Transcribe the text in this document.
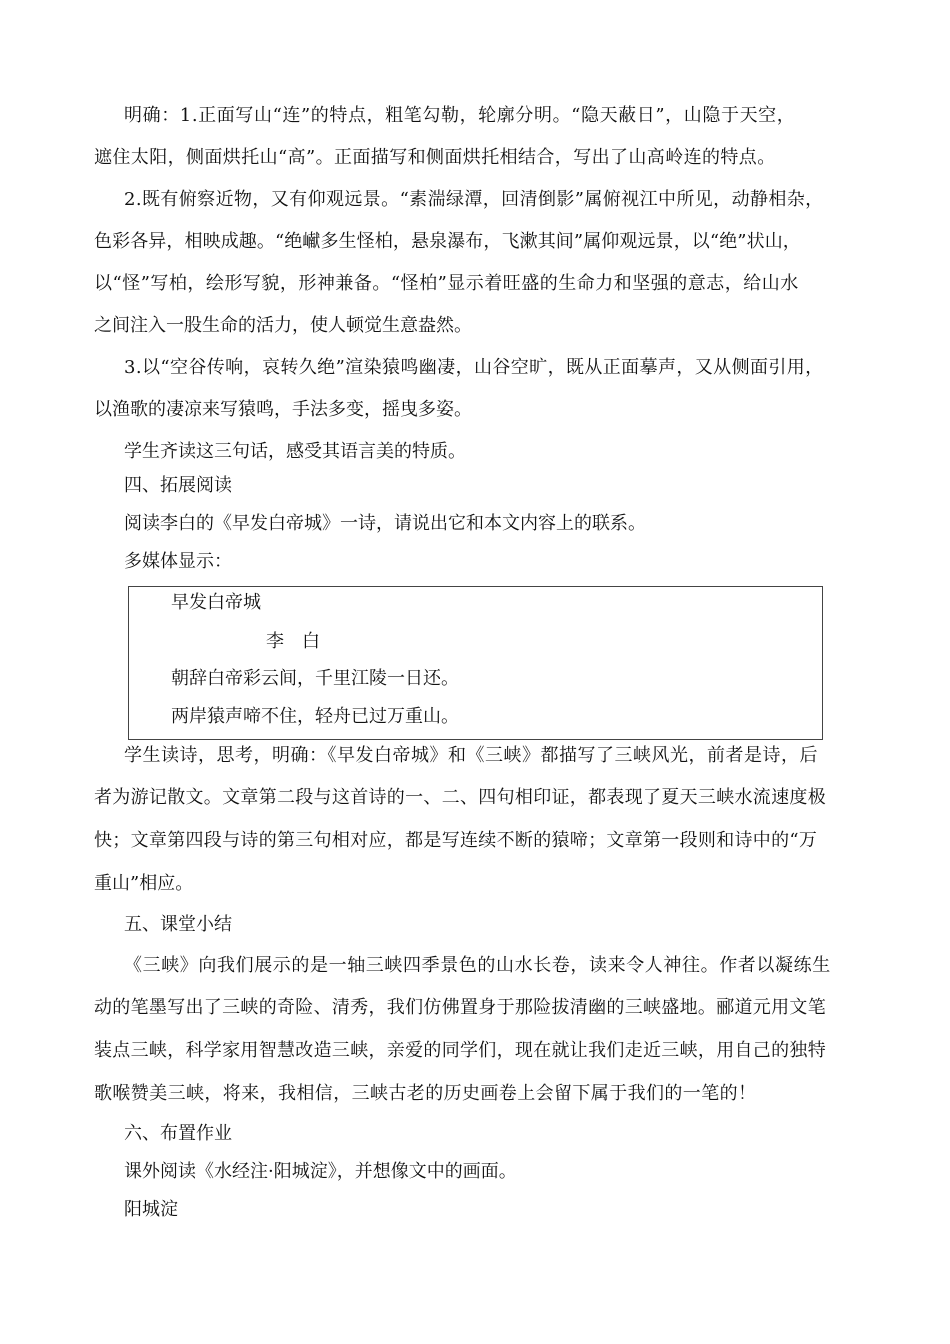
明确：1.正面写山“连”的特点，粗笔勾勒，轮廓分明。“隐天蔽日”，山隐于天空，
遮住太阳，侧面烘托山“高”。正面描写和侧面烘托相结合，写出了山高岭连的特点。
2.既有俯察近物，又有仰观远景。“素湍绿潭，回清倒影”属俯视江中所见，动静相杂，
色彩各异，相映成趣。“绝𪩘多生怪柏，悬泉瀑布，飞漱其间”属仰观远景，以“绝”状山，
以“怪”写柏，绘形写貌，形神兼备。“怪柏”显示着旺盛的生命力和坚强的意志，给山水
之间注入一股生命的活力，使人顿觉生意盎然。
3.以“空谷传响，哀转久绝”渲染猿鸣幽凄，山谷空旷，既从正面摹声，又从侧面引用，
以渔歌的凄凉来写猿鸣，手法多变，摇曳多姿。
学生齐读这三句话，感受其语言美的特质。
四、拓展阅读
阅读李白的《早发白帝城》一诗，请说出它和本文内容上的联系。
多媒体显示：
早发白帝城
李　白
朝辞白帝彩云间，千里江陵一日还。
两岸猿声啼不住，轻舟已过万重山。
学生读诗，思考，明确：《早发白帝城》和《三峡》都描写了三峡风光，前者是诗，后
者为游记散文。文章第二段与这首诗的一、二、四句相印证，都表现了夏天三峡水流速度极
快；文章第四段与诗的第三句相对应，都是写连续不断的猿啼；文章第一段则和诗中的“万
重山”相应。
五、课堂小结
《三峡》向我们展示的是一轴三峡四季景色的山水长卷，读来令人神往。作者以凝练生
动的笔墨写出了三峡的奇险、清秀，我们仿佛置身于那险拔清幽的三峡盛地。郦道元用文笔
装点三峡，科学家用智慧改造三峡，亲爱的同学们，现在就让我们走近三峡，用自己的独特
歌喉赞美三峡，将来，我相信，三峡古老的历史画卷上会留下属于我们的一笔的！
六、布置作业
课外阅读《水经注·阳城淀》，并想像文中的画面。
阳城淀
